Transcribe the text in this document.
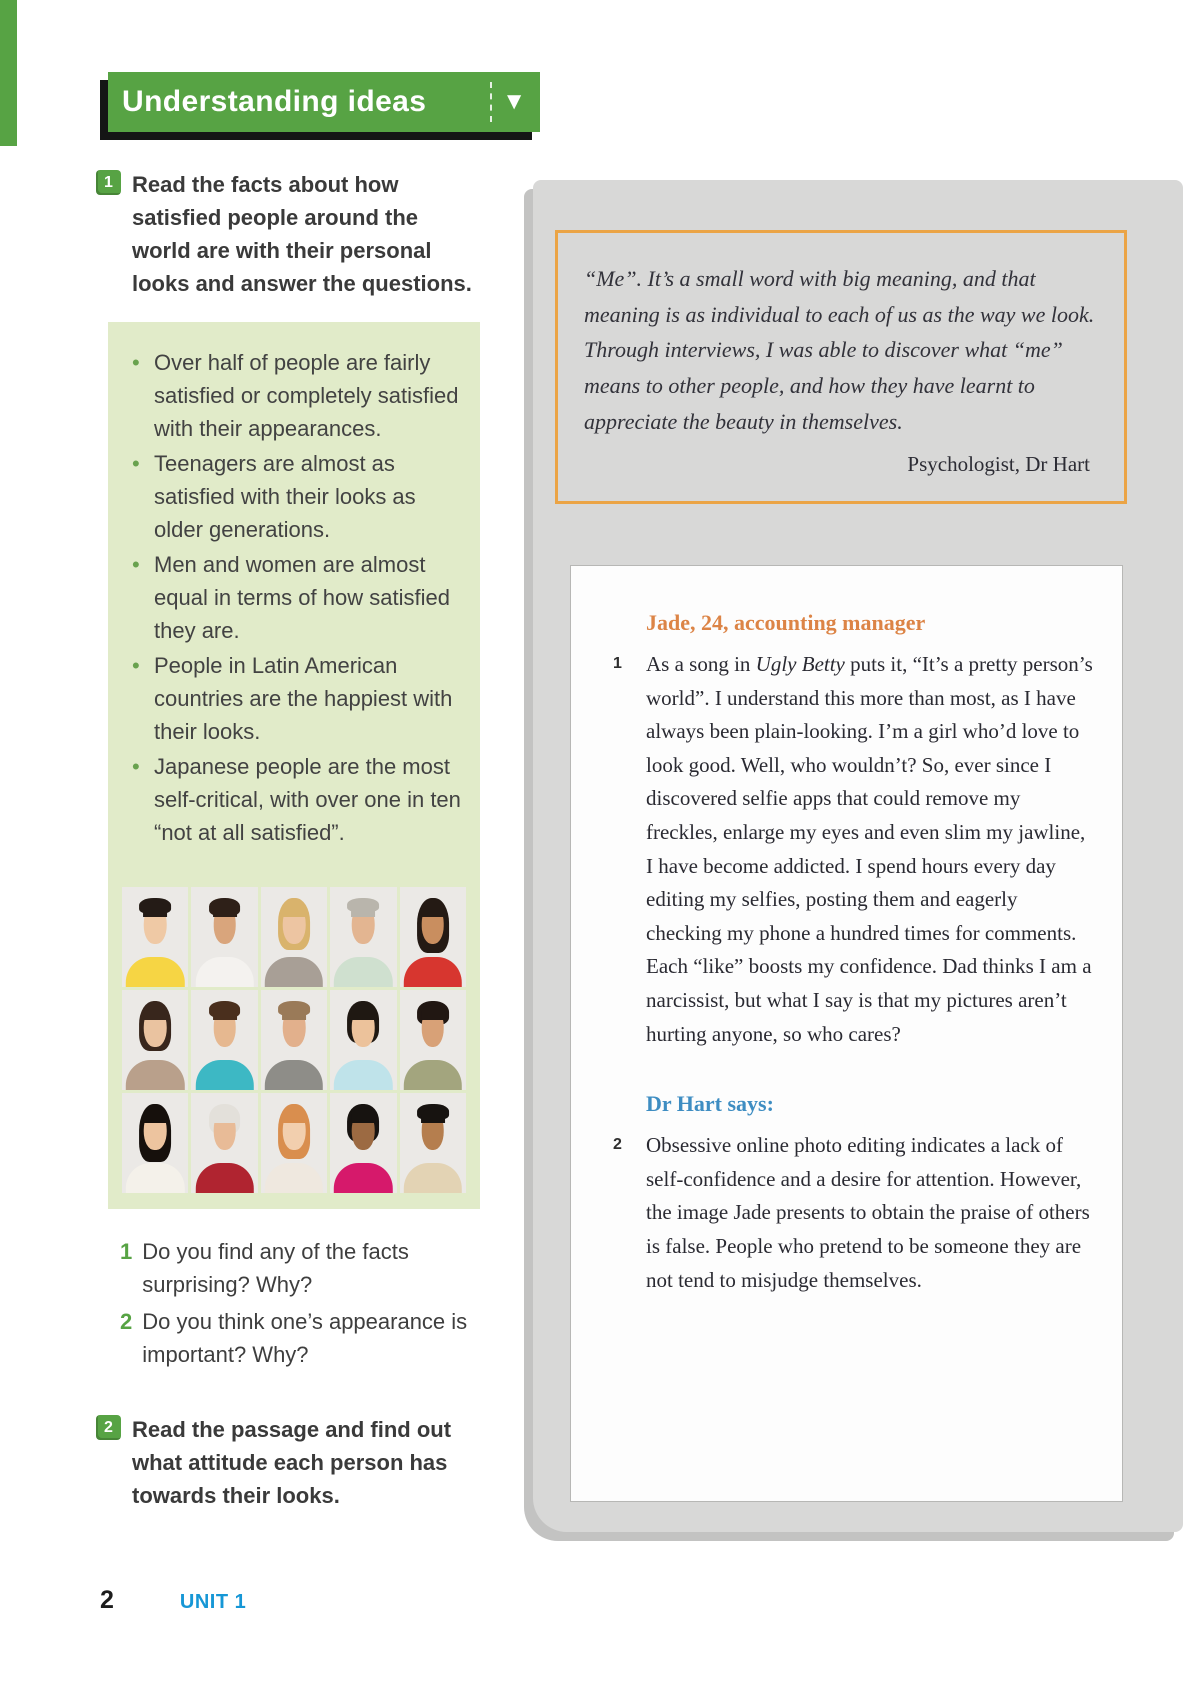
Understanding ideas	▼
1 Read the facts about how satisfied people around the world are with their personal looks and answer the questions.
• Over half of people are fairly satisfied or completely satisfied with their appearances.
• Teenagers are almost as satisfied with their looks as older generations.
• Men and women are almost equal in terms of how satisfied they are.
• People in Latin American countries are the happiest with their looks.
• Japanese people are the most self-critical, with over one in ten “not at all satisfied”.
1 Do you find any of the facts surprising? Why?
2 Do you think one’s appearance is important? Why?
2 Read the passage and find out what attitude each person has towards their looks.
“Me”. It’s a small word with big meaning, and that meaning is as individual to each of us as the way we look. Through interviews, I was able to discover what “me” means to other people, and how they have learnt to appreciate the beauty in themselves.
Psychologist, Dr Hart
Jade, 24, accounting manager
1	As a song in Ugly Betty puts it, “It’s a pretty person’s world”. I understand this more than most, as I have always been plain-looking. I’m a girl who’d love to look good. Well, who wouldn’t? So, ever since I discovered selfie apps that could remove my freckles, enlarge my eyes and even slim my jawline, I have become addicted. I spend hours every day editing my selfies, posting them and eagerly checking my phone a hundred times for comments. Each “like” boosts my confidence. Dad thinks I am a narcissist, but what I say is that my pictures aren’t hurting anyone, so who cares?
Dr Hart says:
2	Obsessive online photo editing indicates a lack of self-confidence and a desire for attention. However, the image Jade presents to obtain the praise of others is false. People who pretend to be someone they are not tend to misjudge themselves.
2	UNIT 1
